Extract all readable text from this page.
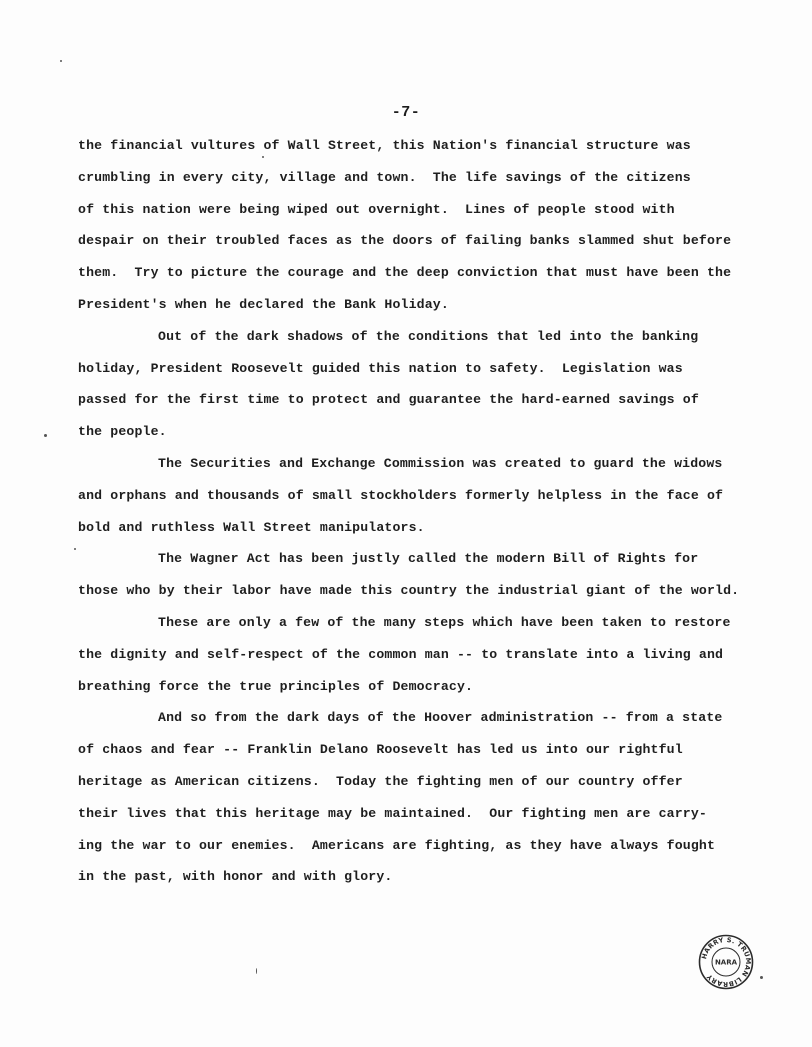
-7-
the financial vultures of Wall Street, this Nation's financial structure was
crumbling in every city, village and town.  The life savings of the citizens
of this nation were being wiped out overnight.  Lines of people stood with
despair on their troubled faces as the doors of failing banks slammed shut before
them.  Try to picture the courage and the deep conviction that must have been the
President's when he declared the Bank Holiday.
Out of the dark shadows of the conditions that led into the banking
holiday, President Roosevelt guided this nation to safety.  Legislation was
passed for the first time to protect and guarantee the hard-earned savings of
the people.
The Securities and Exchange Commission was created to guard the widows
and orphans and thousands of small stockholders formerly helpless in the face of
bold and ruthless Wall Street manipulators.
The Wagner Act has been justly called the modern Bill of Rights for
those who by their labor have made this country the industrial giant of the world.
These are only a few of the many steps which have been taken to restore
the dignity and self-respect of the common man -- to translate into a living and
breathing force the true principles of Democracy.
And so from the dark days of the Hoover administration -- from a state
of chaos and fear -- Franklin Delano Roosevelt has led us into our rightful
heritage as American citizens.  Today the fighting men of our country offer
their lives that this heritage may be maintained.  Our fighting men are carry-
ing the war to our enemies.  Americans are fighting, as they have always fought
in the past, with honor and with glory.
HARRY S. TRUMAN LIBRARY
NARA
